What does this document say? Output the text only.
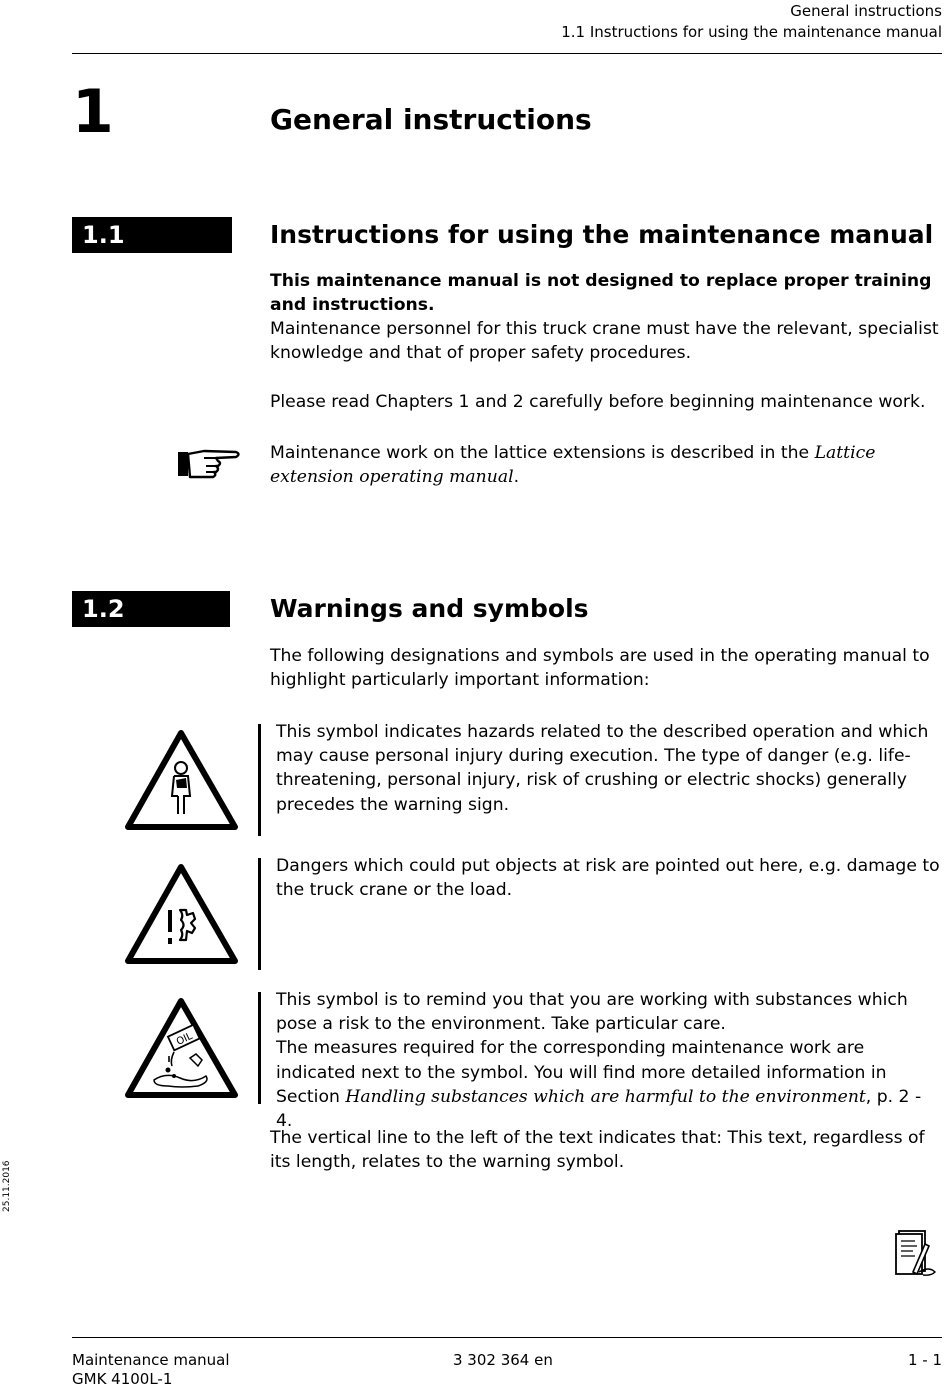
General instructions
1.1 Instructions for using the maintenance manual
1	General instructions
1.1	Instructions for using the maintenance manual
This maintenance manual is not designed to replace proper training and instructions.
Maintenance personnel for this truck crane must have the relevant, specialist knowledge and that of proper safety procedures.
Please read Chapters 1 and 2 carefully before beginning maintenance work.
Maintenance work on the lattice extensions is described in the Lattice extension operating manual.
1.2	Warnings and symbols
The following designations and symbols are used in the operating manual to highlight particularly important information:
This symbol indicates hazards related to the described operation and which may cause personal injury during execution. The type of danger (e.g. life-threatening, personal injury, risk of crushing or electric shocks) generally precedes the warning sign.
Dangers which could put objects at risk are pointed out here, e.g. damage to the truck crane or the load.
OIL
This symbol is to remind you that you are working with substances which pose a risk to the environment. Take particular care.
The measures required for the corresponding maintenance work are indicated next to the symbol. You will find more detailed information in Section Handling substances which are harmful to the environment, p. 2 - 4.
The vertical line to the left of the text indicates that: This text, regardless of its length, relates to the warning symbol.
25.11.2016
Maintenance manual
GMK 4100L-1
3 302 364 en	1 - 1
